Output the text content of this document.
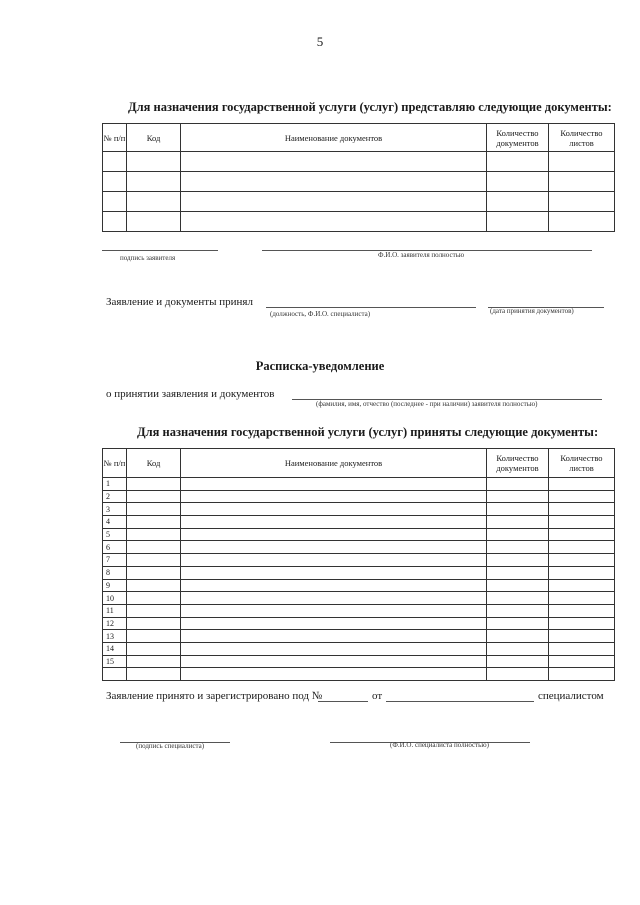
5
Для назначения государственной услуги (услуг) представляю следующие документы:
№ п/п	Код	Наименование документов	Количество документов	Количество листов

подпись заявителя	Ф.И.О. заявителя полностью
Заявление и документы принял
(должность, Ф.И.О. специалиста)	(дата принятия документов)
Расписка-уведомление
о принятии заявления и документов
(фамилия, имя, отчество (последнее - при наличии) заявителя полностью)
Для назначения государственной услуги (услуг) приняты следующие документы:
№ п/п	Код	Наименование документов	Количество документов	Количество листов
1				
2				
3				
4				
5				
6				
7				
8				
9				
10				
11				
12				
13				
14				
15				

Заявление принято и зарегистрировано под №	от	специалистом
(подпись специалиста)	(Ф.И.О. специалиста полностью)
